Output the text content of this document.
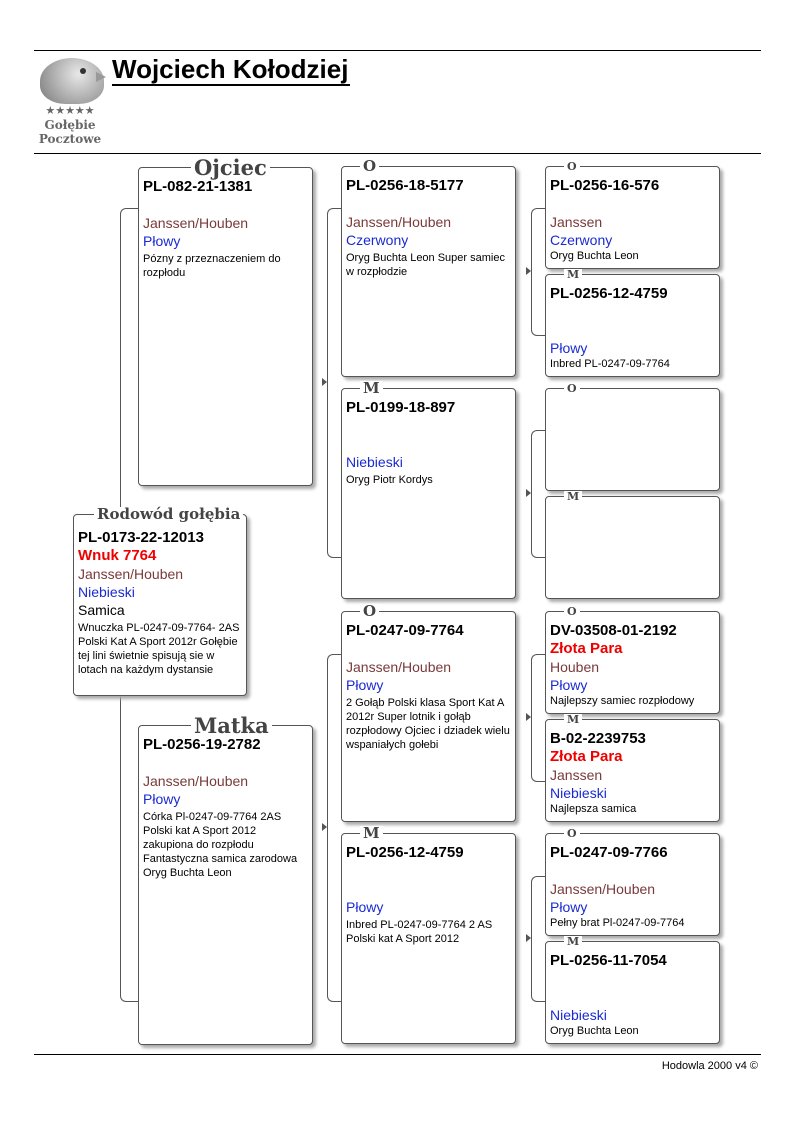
★★★★★
Gołębie
Pocztowe
Wojciech Kołodziej
Rodowód gołębia
PL-0173-22-12013
Wnuk 7764
Janssen/Houben
Niebieski
Samica
Wnuczka PL-0247-09-7764- 2AS Polski Kat A Sport 2012r Gołębie tej lini świetnie spisują sie w lotach na każdym dystansie
Ojciec
PL-082-21-1381
Janssen/Houben
Płowy
Pózny z przeznaczeniem do rozpłodu
Matka
PL-0256-19-2782
Janssen/Houben
Płowy
Córka Pl-0247-09-7764 2AS Polski kat A Sport 2012 zakupiona do rozpłodu Fantastyczna samica zarodowa Oryg Buchta Leon
O
PL-0256-18-5177
Janssen/Houben
Czerwony
Oryg Buchta Leon Super samiec w rozpłodzie
M
PL-0199-18-897
Niebieski
Oryg Piotr Kordys
O
PL-0247-09-7764
Janssen/Houben
Płowy
2 Gołąb Polski klasa Sport Kat A 2012r Super lotnik i gołąb rozpłodowy Ojciec i dziadek wielu wspaniałych gołebi
M
PL-0256-12-4759
Płowy
Inbred PL-0247-09-7764 2 AS Polski kat A Sport 2012
O
PL-0256-16-576
Janssen
Czerwony
Oryg Buchta Leon
M
PL-0256-12-4759
Płowy
Inbred PL-0247-09-7764
O
M
O
DV-03508-01-2192
Złota Para
Houben
Płowy
Najlepszy samiec rozpłodowy
M
B-02-2239753
Złota Para
Janssen
Niebieski
Najlepsza samica
O
PL-0247-09-7766
Janssen/Houben
Płowy
Pełny brat Pl-0247-09-7764
M
PL-0256-11-7054
Niebieski
Oryg Buchta Leon
Hodowla 2000 v4 ©
